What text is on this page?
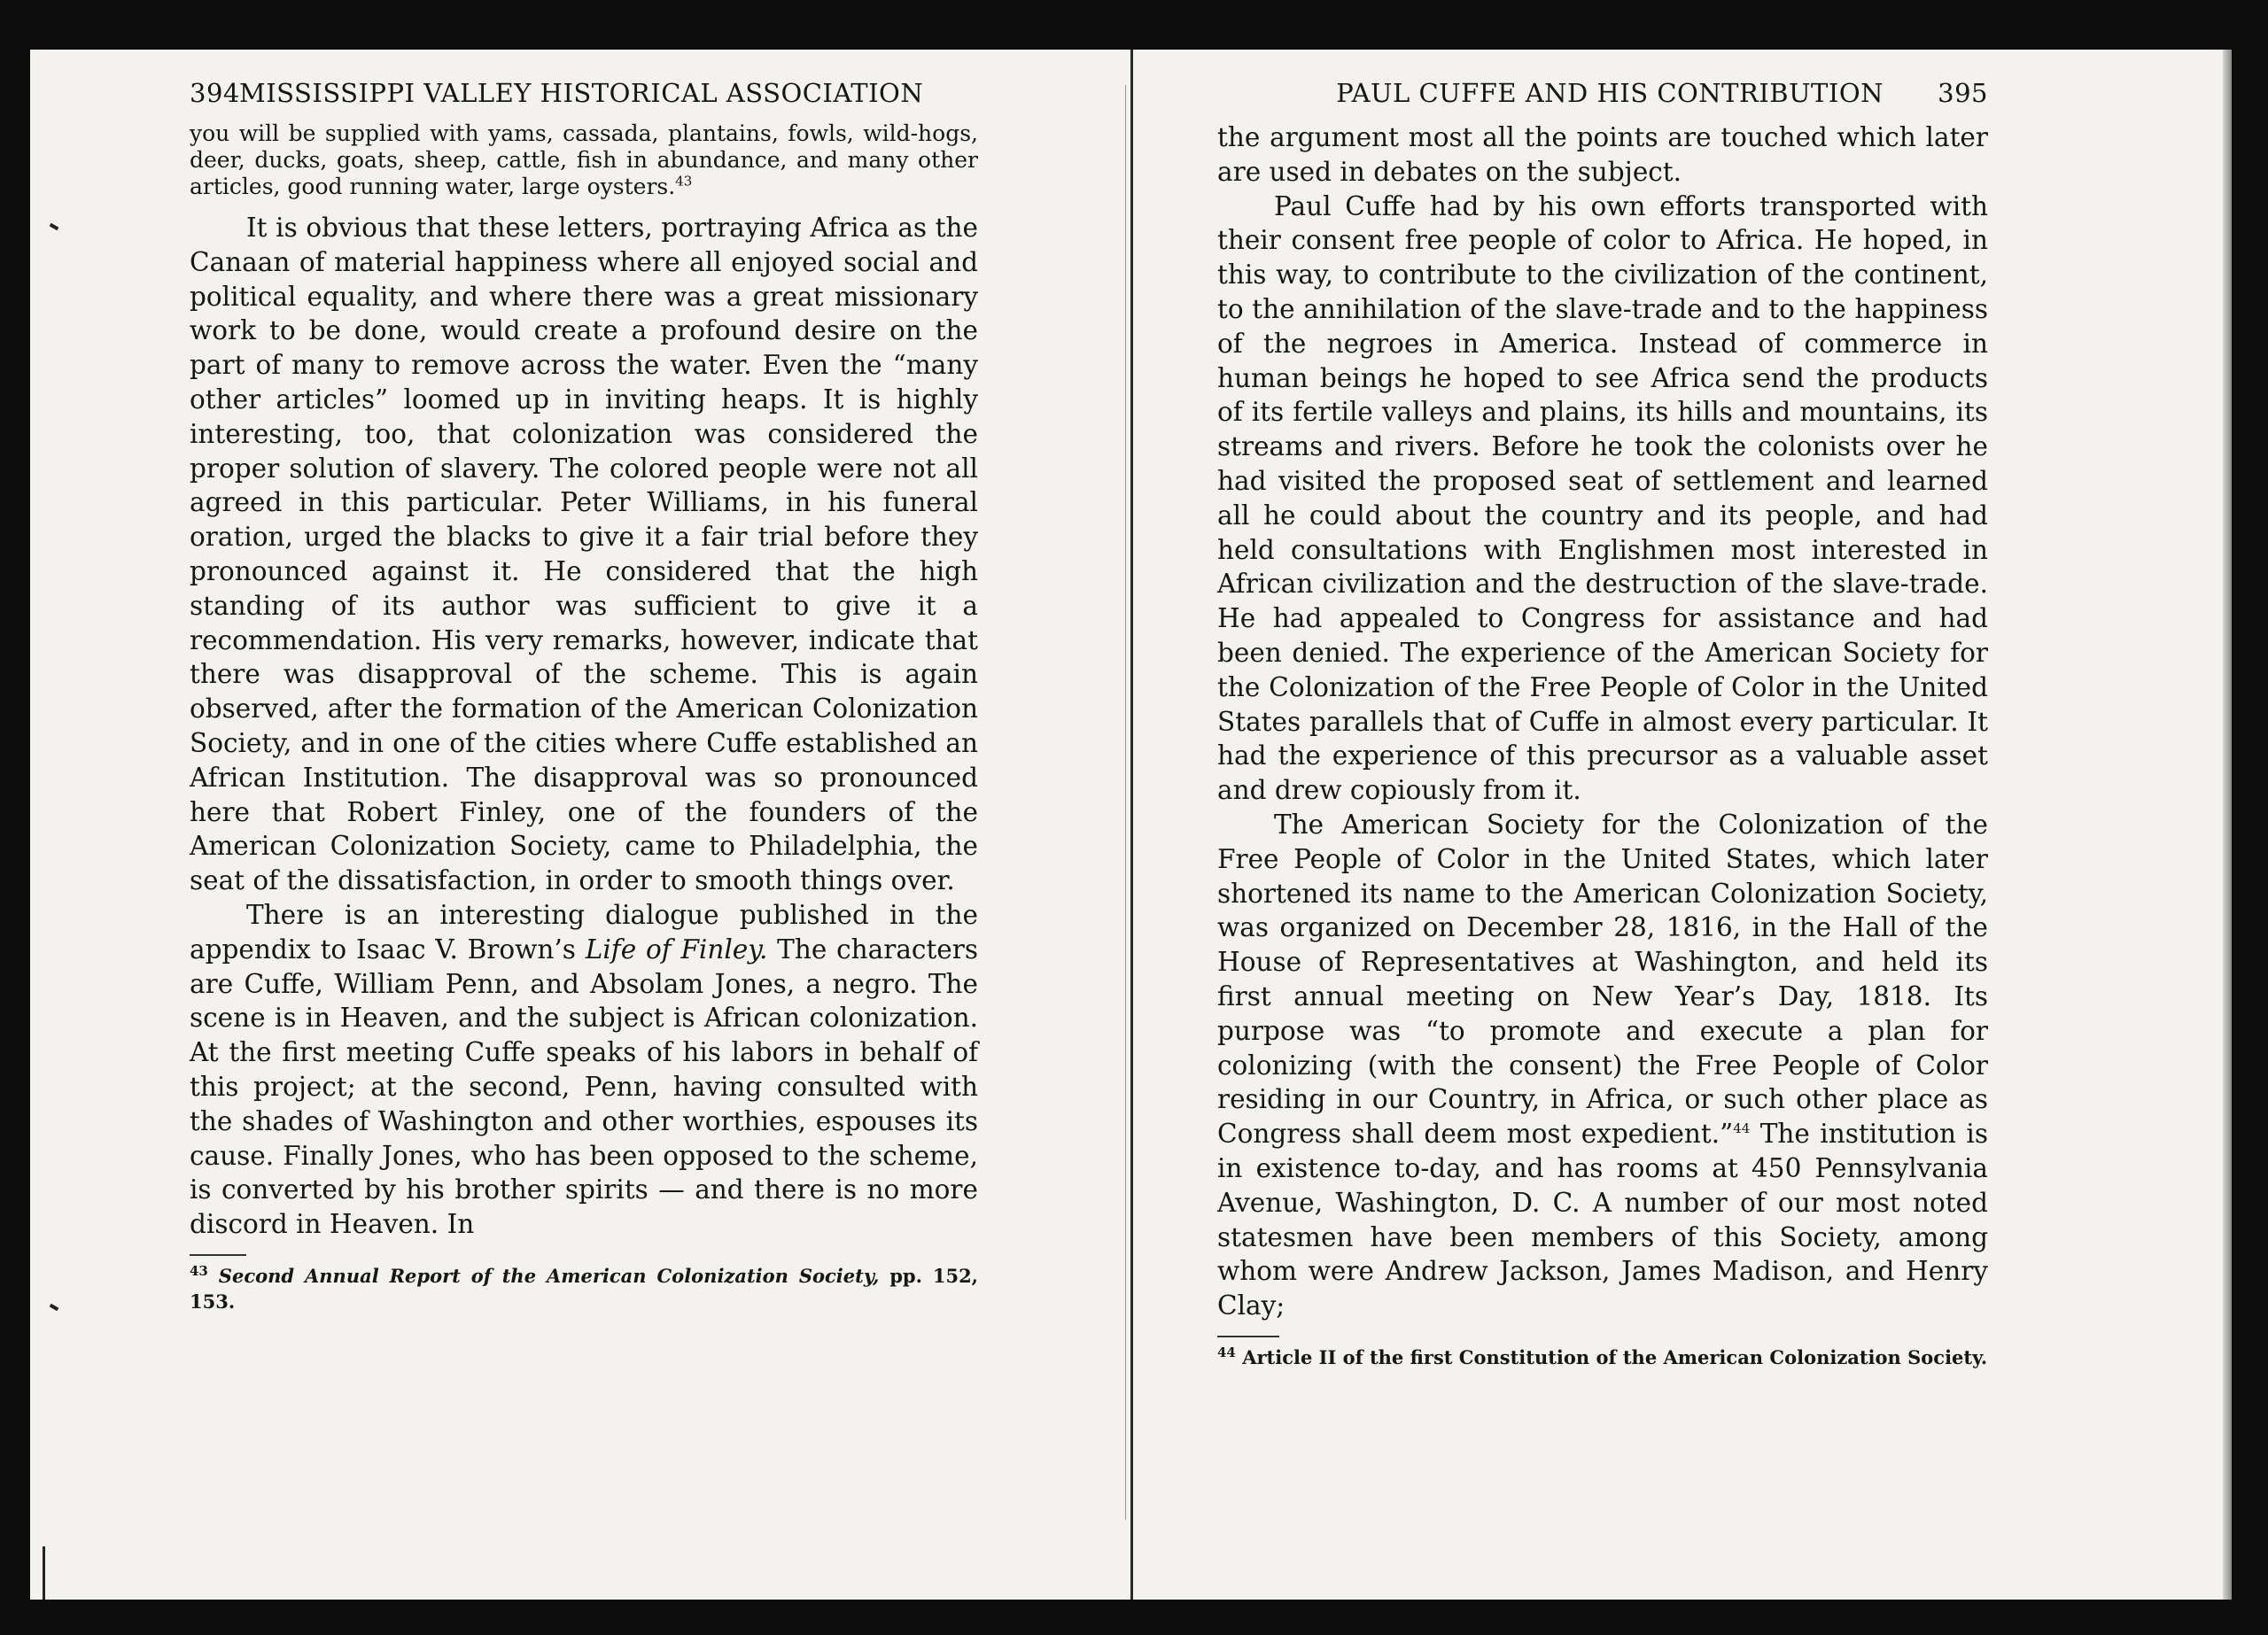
394 MISSISSIPPI VALLEY HISTORICAL ASSOCIATION

you will be supplied with yams, cassada, plantains, fowls, wild-hogs, deer, ducks, goats, sheep, cattle, fish in abundance, and many other articles, good running water, large oysters.$^{43}$

It is obvious that these letters, portraying Africa as the Canaan of material happiness where all enjoyed social and political equality, and where there was a great missionary work to be done, would create a profound desire on the part of many to remove across the water. Even the “many other articles” loomed up in inviting heaps. It is highly interesting, too, that colonization was considered the proper solution of slavery. The colored people were not all agreed in this particular. Peter Williams, in his funeral oration, urged the blacks to give it a fair trial before they pronounced against it. He considered that the high standing of its author was sufficient to give it a recommendation. His very remarks, however, indicate that there was disapproval of the scheme. This is again observed, after the formation of the American Colonization Society, and in one of the cities where Cuffe established an African Institution. The disapproval was so pronounced here that Robert Finley, one of the founders of the American Colonization Society, came to Philadelphia, the seat of the dissatisfaction, in order to smooth things over.

There is an interesting dialogue published in the appendix to Isaac V. Brown’s Life of Finley. The characters are Cuffe, William Penn, and Absolam Jones, a negro. The scene is in Heaven, and the subject is African colonization. At the first meeting Cuffe speaks of his labors in behalf of this project; at the second, Penn, having consulted with the shades of Washington and other worthies, espouses its cause. Finally Jones, who has been opposed to the scheme, is converted by his brother spirits — and there is no more discord in Heaven. In

$^{43}$ Second Annual Report of the American Colonization Society, pp. 152, 153.
PAUL CUFFE AND HIS CONTRIBUTION 395

the argument most all the points are touched which later are used in debates on the subject.

Paul Cuffe had by his own efforts transported with their consent free people of color to Africa. He hoped, in this way, to contribute to the civilization of the continent, to the annihilation of the slave-trade and to the happiness of the negroes in America. Instead of commerce in human beings he hoped to see Africa send the products of its fertile valleys and plains, its hills and mountains, its streams and rivers. Before he took the colonists over he had visited the proposed seat of settlement and learned all he could about the country and its people, and had held consultations with Englishmen most interested in African civilization and the destruction of the slave-trade. He had appealed to Congress for assistance and had been denied. The experience of the American Society for the Colonization of the Free People of Color in the United States parallels that of Cuffe in almost every particular. It had the experience of this precursor as a valuable asset and drew copiously from it.

The American Society for the Colonization of the Free People of Color in the United States, which later shortened its name to the American Colonization Society, was organized on December 28, 1816, in the Hall of the House of Representatives at Washington, and held its first annual meeting on New Year’s Day, 1818. Its purpose was “to promote and execute a plan for colonizing (with the consent) the Free People of Color residing in our Country, in Africa, or such other place as Congress shall deem most expedient.”$^{44}$ The institution is in existence to-day, and has rooms at 450 Pennsylvania Avenue, Washington, D. C. A number of our most noted statesmen have been members of this Society, among whom were Andrew Jackson, James Madison, and Henry Clay;

$^{44}$ Article II of the first Constitution of the American Colonization Society.
